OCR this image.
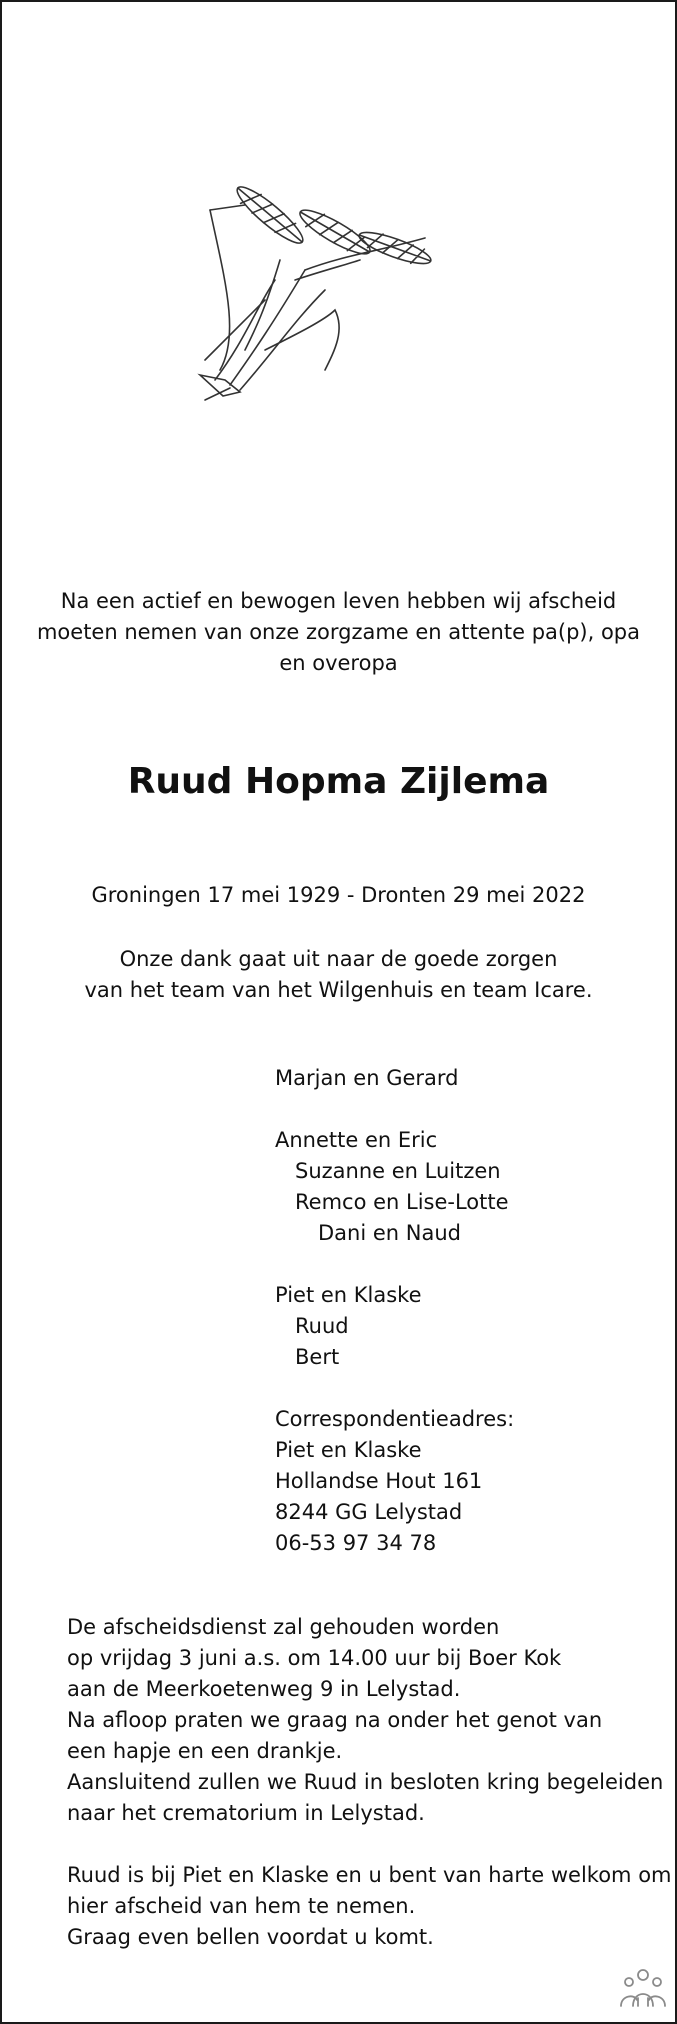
Na een actief en bewogen leven hebben wij afscheid
moeten nemen van onze zorgzame en attente pa(p), opa
en overopa
Ruud Hopma Zijlema
Groningen 17 mei 1929 - Dronten 29 mei 2022
Onze dank gaat uit naar de goede zorgen
van het team van het Wilgenhuis en team Icare.
Marjan en Gerard
Annette en Eric
Suzanne en Luitzen
Remco en Lise-Lotte
Dani en Naud
Piet en Klaske
Ruud
Bert
Correspondentieadres:
Piet en Klaske
Hollandse Hout 161
8244 GG Lelystad
06-53 97 34 78
De afscheidsdienst zal gehouden worden
op vrijdag 3 juni a.s. om 14.00 uur bij Boer Kok
aan de Meerkoetenweg 9 in Lelystad.
Na afloop praten we graag na onder het genot van
een hapje en een drankje.
Aansluitend zullen we Ruud in besloten kring begeleiden
naar het crematorium in Lelystad.
Ruud is bij Piet en Klaske en u bent van harte welkom om
hier afscheid van hem te nemen.
Graag even bellen voordat u komt.
